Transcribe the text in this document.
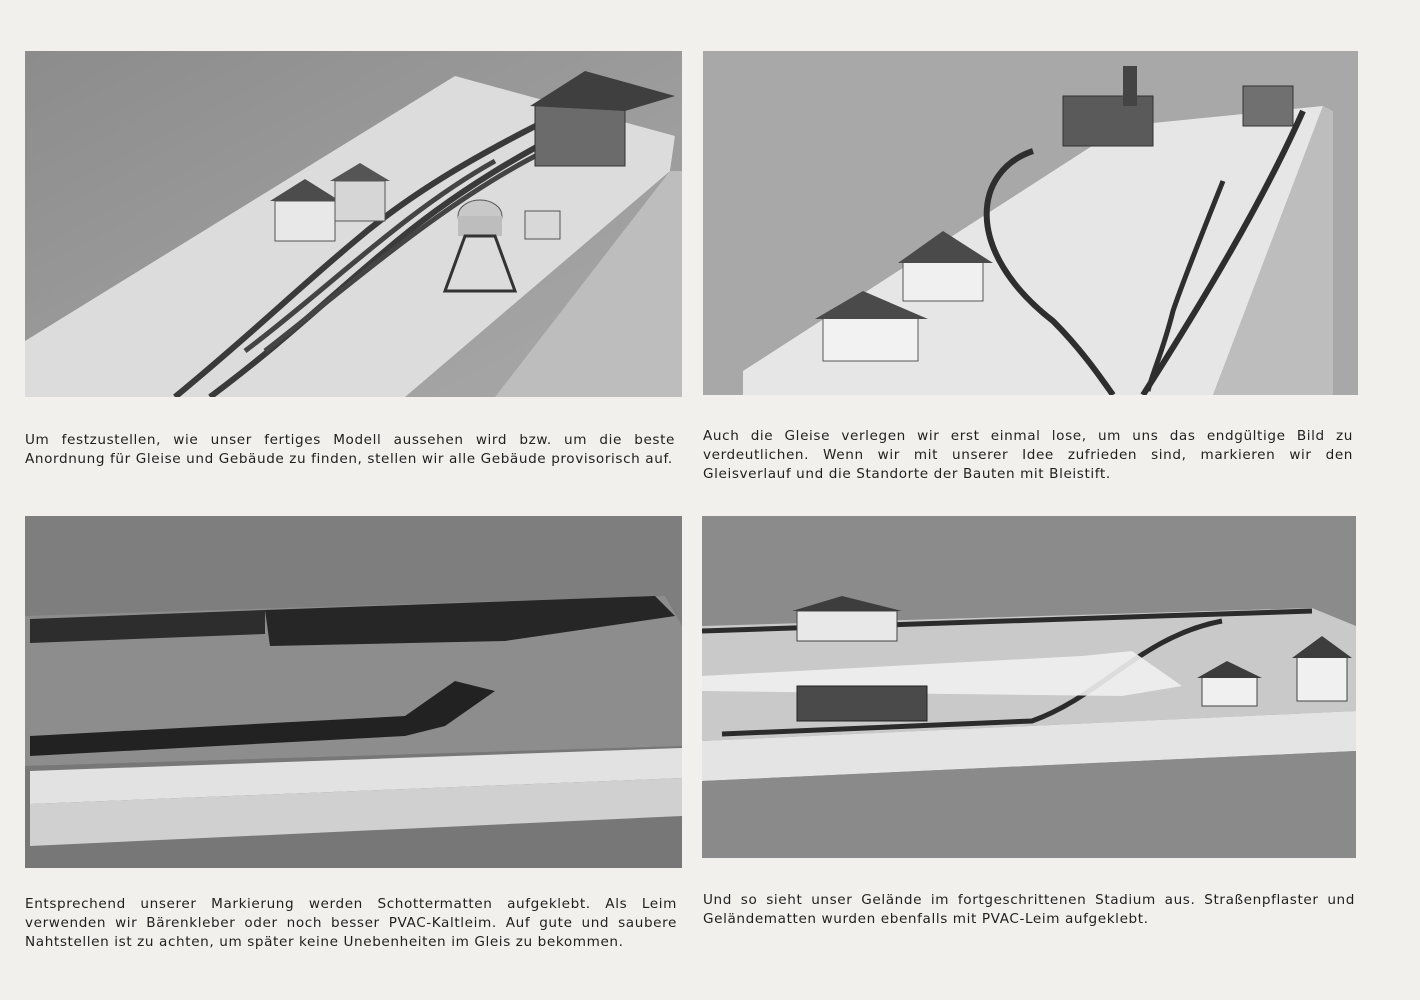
Um festzustellen, wie unser fertiges Modell aussehen wird bzw. um die beste Anordnung für Gleise und Gebäude zu finden, stellen wir alle Gebäude provisorisch auf.

Auch die Gleise verlegen wir erst einmal lose, um uns das endgültige Bild zu verdeutlichen. Wenn wir mit unserer Idee zufrieden sind, markieren wir den Gleisverlauf und die Standorte der Bauten mit Bleistift.

Entsprechend unserer Markierung werden Schottermatten aufgeklebt. Als Leim verwenden wir Bärenkleber oder noch besser PVAC-Kaltleim. Auf gute und saubere Nahtstellen ist zu achten, um später keine Unebenheiten im Gleis zu bekommen.

Und so sieht unser Gelände im fortgeschrittenen Stadium aus. Straßenpflaster und Geländematten wurden ebenfalls mit PVAC-Leim aufgeklebt.
